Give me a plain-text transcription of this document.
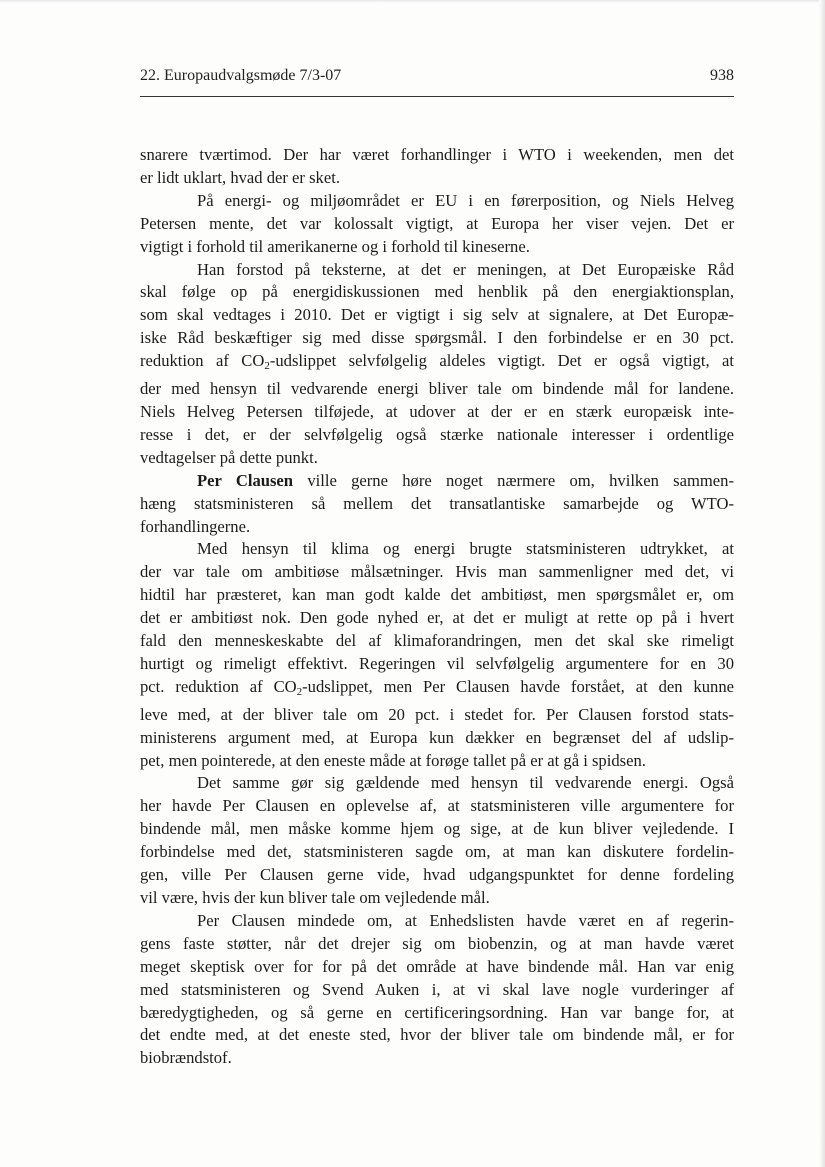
22. Europaudvalgsmøde 7/3-07	938

snarere tværtimod. Der har været forhandlinger i WTO i weekenden, men det
er lidt uklart, hvad der er sket.

På energi- og miljøområdet er EU i en førerposition, og Niels Helveg
Petersen mente, det var kolossalt vigtigt, at Europa her viser vejen. Det er
vigtigt i forhold til amerikanerne og i forhold til kineserne.

Han forstod på teksterne, at det er meningen, at Det Europæiske Råd
skal følge op på energidiskussionen med henblik på den energiaktionsplan,
som skal vedtages i 2010. Det er vigtigt i sig selv at signalere, at Det Europæ-
iske Råd beskæftiger sig med disse spørgsmål. I den forbindelse er en 30 pct.
reduktion af $CO_2$-udslippet selvfølgelig aldeles vigtigt. Det er også vigtigt, at
der med hensyn til vedvarende energi bliver tale om bindende mål for landene.
Niels Helveg Petersen tilføjede, at udover at der er en stærk europæisk inte-
resse i det, er der selvfølgelig også stærke nationale interesser i ordentlige
vedtagelser på dette punkt.

Per Clausen ville gerne høre noget nærmere om, hvilken sammen-
hæng statsministeren så mellem det transatlantiske samarbejde og WTO-
forhandlingerne.

Med hensyn til klima og energi brugte statsministeren udtrykket, at
der var tale om ambitiøse målsætninger. Hvis man sammenligner med det, vi
hidtil har præsteret, kan man godt kalde det ambitiøst, men spørgsmålet er, om
det er ambitiøst nok. Den gode nyhed er, at det er muligt at rette op på i hvert
fald den menneskeskabte del af klimaforandringen, men det skal ske rimeligt
hurtigt og rimeligt effektivt. Regeringen vil selvfølgelig argumentere for en 30
pct. reduktion af $CO_2$-udslippet, men Per Clausen havde forstået, at den kunne
leve med, at der bliver tale om 20 pct. i stedet for. Per Clausen forstod stats-
ministerens argument med, at Europa kun dækker en begrænset del af udslip-
pet, men pointerede, at den eneste måde at forøge tallet på er at gå i spidsen.

Det samme gør sig gældende med hensyn til vedvarende energi. Også
her havde Per Clausen en oplevelse af, at statsministeren ville argumentere for
bindende mål, men måske komme hjem og sige, at de kun bliver vejledende. I
forbindelse med det, statsministeren sagde om, at man kan diskutere fordelin-
gen, ville Per Clausen gerne vide, hvad udgangspunktet for denne fordeling
vil være, hvis der kun bliver tale om vejledende mål.

Per Clausen mindede om, at Enhedslisten havde været en af regerin-
gens faste støtter, når det drejer sig om biobenzin, og at man havde været
meget skeptisk over for for på det område at have bindende mål. Han var enig
med statsministeren og Svend Auken i, at vi skal lave nogle vurderinger af
bæredygtigheden, og så gerne en certificeringsordning. Han var bange for, at
det endte med, at det eneste sted, hvor der bliver tale om bindende mål, er for
biobrændstof.
